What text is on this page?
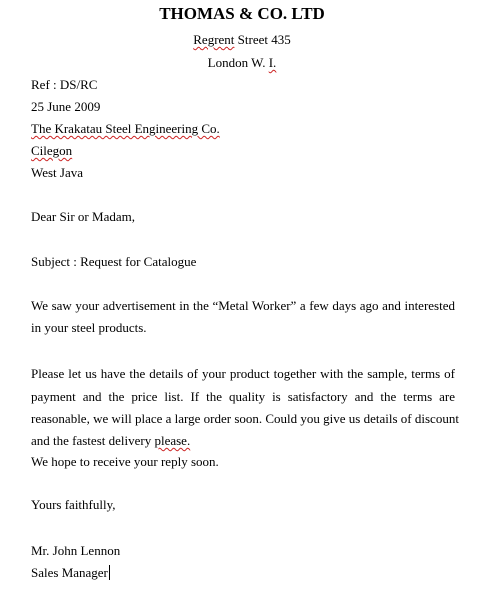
THOMAS & CO. LTD
Regrent Street 435
London W. I.
Ref : DS/RC
25 June 2009
The Krakatau Steel Engineering Co.
Cilegon
West Java
Dear Sir or Madam,
Subject : Request for Catalogue
We saw your advertisement in the “Metal Worker” a few days ago and interested
in your steel products.
Please let us have the details of your product together with the sample, terms of
payment and the price list. If the quality is satisfactory and the terms are
reasonable, we will place a large order soon. Could you give us details of discount
and the fastest delivery please.
We hope to receive your reply soon.
Yours faithfully,
Mr. John Lennon
Sales Manager
